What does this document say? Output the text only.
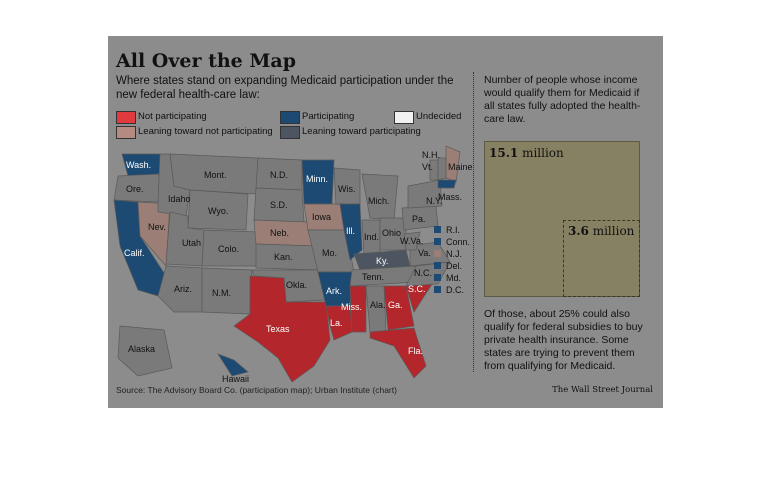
All Over the Map
Where states stand on expanding Medicaid participation under the new federal health-care law:
Not participating
Leaning toward not participating
Participating
Leaning toward participating
Undecided
Wash.
Ore.
Calif.
Nev.
Idaho
Mont.
Wyo.
Utah
Colo.
Ariz. N.M.
N.D.
S.D.
Neb.
Kan.
Okla.
Texas
Minn.
Iowa
Mo.
Ark.
La.
Miss.
Wis.
Ill.
Mich.
Ind. Ohio
Ky.
Tenn.
Ala. Ga.
Fla.
S.C.
N.C.
Va.
W.Va.
Pa.
N.Y.
N.H.
Vt. Maine
Mass.
Alaska
Hawaii
R.I.
Conn.
N.J.
Del.
Md.
D.C.
Number of people whose income would qualify them for Medicaid if all states fully adopted the health-care law.
15.1 million
3.6 million
Of those, about 25% could also qualify for federal subsidies to buy private health insurance. Some states are trying to prevent them from qualifying for Medicaid.
Source: The Advisory Board Co. (participation map); Urban Institute (chart)	The Wall Street Journal
